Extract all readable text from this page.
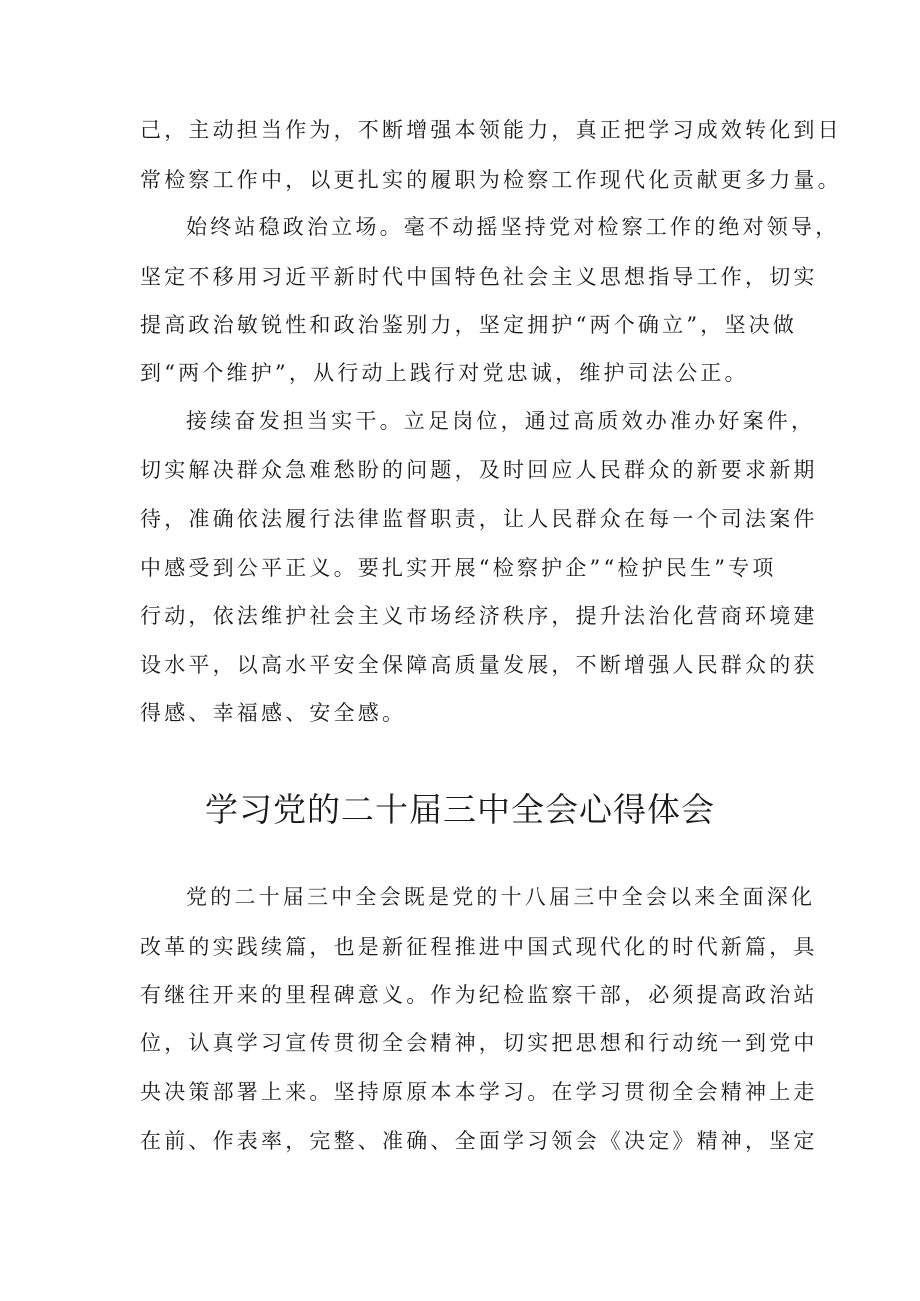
己，主动担当作为，不断增强本领能力，真正把学习成效转化到日
常检察工作中，以更扎实的履职为检察工作现代化贡献更多力量。
始终站稳政治立场。毫不动摇坚持党对检察工作的绝对领导，
坚定不移用习近平新时代中国特色社会主义思想指导工作，切实
提高政治敏锐性和政治鉴别力，坚定拥护“两个确立”，坚决做
到“两个维护”，从行动上践行对党忠诚，维护司法公正。
接续奋发担当实干。立足岗位，通过高质效办准办好案件，
切实解决群众急难愁盼的问题，及时回应人民群众的新要求新期
待，准确依法履行法律监督职责，让人民群众在每一个司法案件
中感受到公平正义。要扎实开展“检察护企”“检护民生”专项
行动，依法维护社会主义市场经济秩序，提升法治化营商环境建
设水平，以高水平安全保障高质量发展，不断增强人民群众的获
得感、幸福感、安全感。
学习党的二十届三中全会心得体会
党的二十届三中全会既是党的十八届三中全会以来全面深化
改革的实践续篇，也是新征程推进中国式现代化的时代新篇，具
有继往开来的里程碑意义。作为纪检监察干部，必须提高政治站
位，认真学习宣传贯彻全会精神，切实把思想和行动统一到党中
央决策部署上来。坚持原原本本学习。在学习贯彻全会精神上走
在前、作表率，完整、准确、全面学习领会《决定》精神，坚定
